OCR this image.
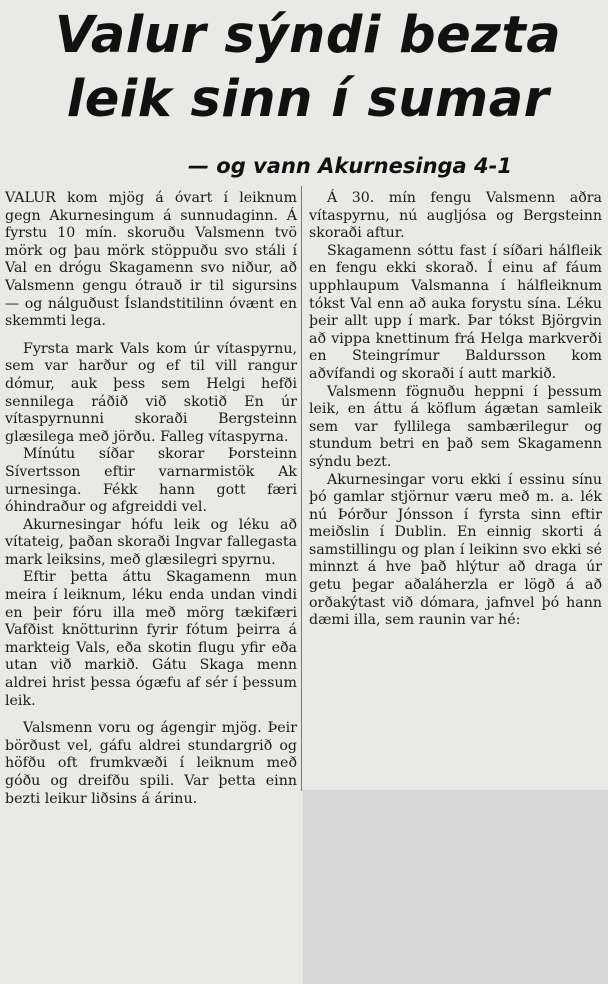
Valur sýndi bezta
leik sinn í sumar
— og vann Akurnesinga 4-1

VALUR kom mjög á óvart í leiknum gegn Akurnesingum á sunnudaginn. Á fyrstu 10 mín. skoruðu Valsmenn tvö mörk og þau mörk stöppuðu svo stáli í Val en drógu Skagamenn svo niður, að Valsmenn gengu ótrauð ir til sigursins — og nálguðust Íslandstitilinn óvænt en skemmti lega.

Fyrsta mark Vals kom úr vítaspyrnu, sem var harður og ef til vill rangur dómur, auk þess sem Helgi hefði sennilega ráðið við skotið En úr vítaspyrnunni skoraði Bergsteinn glæsilega með jörðu. Falleg vítaspyrna.

Mínútu síðar skorar Þorsteinn Sívertsson eftir varnarmistök Ak urnesinga. Fékk hann gott færi óhindraður og afgreiddi vel.

Akurnesingar hófu leik og léku að vítateig, þaðan skoraði Ingvar fallegasta mark leiksins, með glæsilegri spyrnu.

Eftir þetta áttu Skagamenn mun meira í leiknum, léku enda undan vindi en þeir fóru illa með mörg tækifæri Vafðist knötturinn fyrir fótum þeirra á markteig Vals, eða skotin flugu yfir eða utan við markið. Gátu Skaga menn aldrei hrist þessa ógæfu af sér í þessum leik.

Valsmenn voru og ágengir mjög. Þeir börðust vel, gáfu aldrei stundargrið og höfðu oft frumkvæði í leiknum með góðu og dreifðu spili. Var þetta einn bezti leikur liðsins á árinu.

Á 30. mín fengu Valsmenn aðra vítaspyrnu, nú augljósa og Bergsteinn skoraði aftur.

Skagamenn sóttu fast í síðari hálfleik en fengu ekki skorað. Í einu af fáum upphlaupum Valsmanna í hálfleiknum tókst Val enn að auka forystu sína. Léku þeir allt upp í mark. Þar tókst Björgvin að vippa knettinum frá Helga markverði en Steingrímur Baldursson kom aðvífandi og skoraði í autt markið.

Valsmenn fögnuðu heppni í þessum leik, en áttu á köflum ágætan samleik sem var fyllilega sambærilegur og stundum betri en það sem Skagamenn sýndu bezt.

Akurnesingar voru ekki í essinu sínu þó gamlar stjörnur væru með m. a. lék nú Þórður Jónsson í fyrsta sinn eftir meiðslin í Dublin. En einnig skorti á samstillingu og plan í leikinn svo ekki sé minnzt á hve það hlýtur að draga úr getu þegar aðaláherzla er lögð á að orðakýtast við dómara, jafnvel þó hann dæmi illa, sem raunin var hé:
